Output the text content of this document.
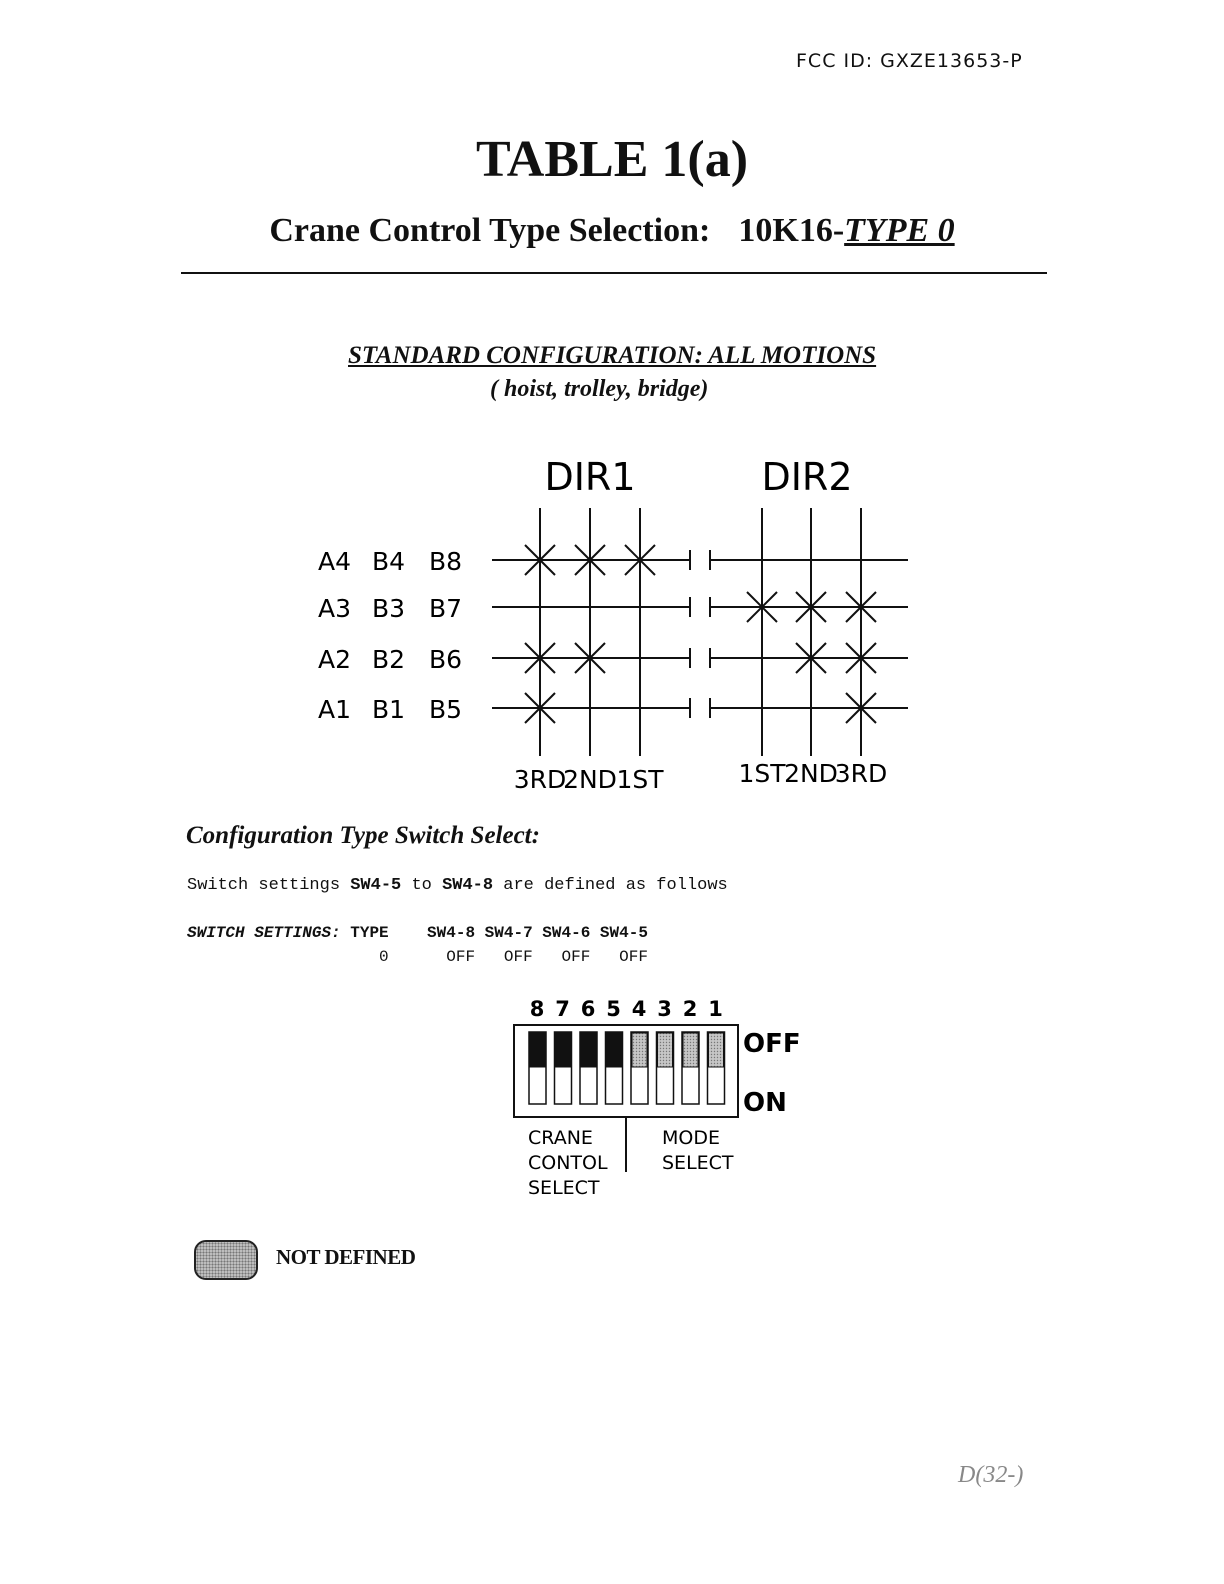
FCC ID: GXZE13653-P
TABLE 1(a)
Crane Control Type Selection: 10K16-TYPE 0
STANDARD CONFIGURATION: ALL MOTIONS
( hoist, trolley, bridge)
DIR1	DIR2
A4 B4 B8
A3 B3 B7
A2 B2 B6
A1 B1 B5
3RD
2ND 1ST	1ST
2ND
3RD
Configuration Type Switch Select:
Switch settings SW4-5 to SW4-8 are defined as follows
SWITCH SETTINGS: TYPE SW4-8 SW4-7 SW4-6 SW4-5
0	OFF OFF OFF OFF
8 7 6 5 4 3 2 1
OFF
ON
CRANE
CONTOL
SELECT
MODE
SELECT
NOT DEFINED
D(32-)
